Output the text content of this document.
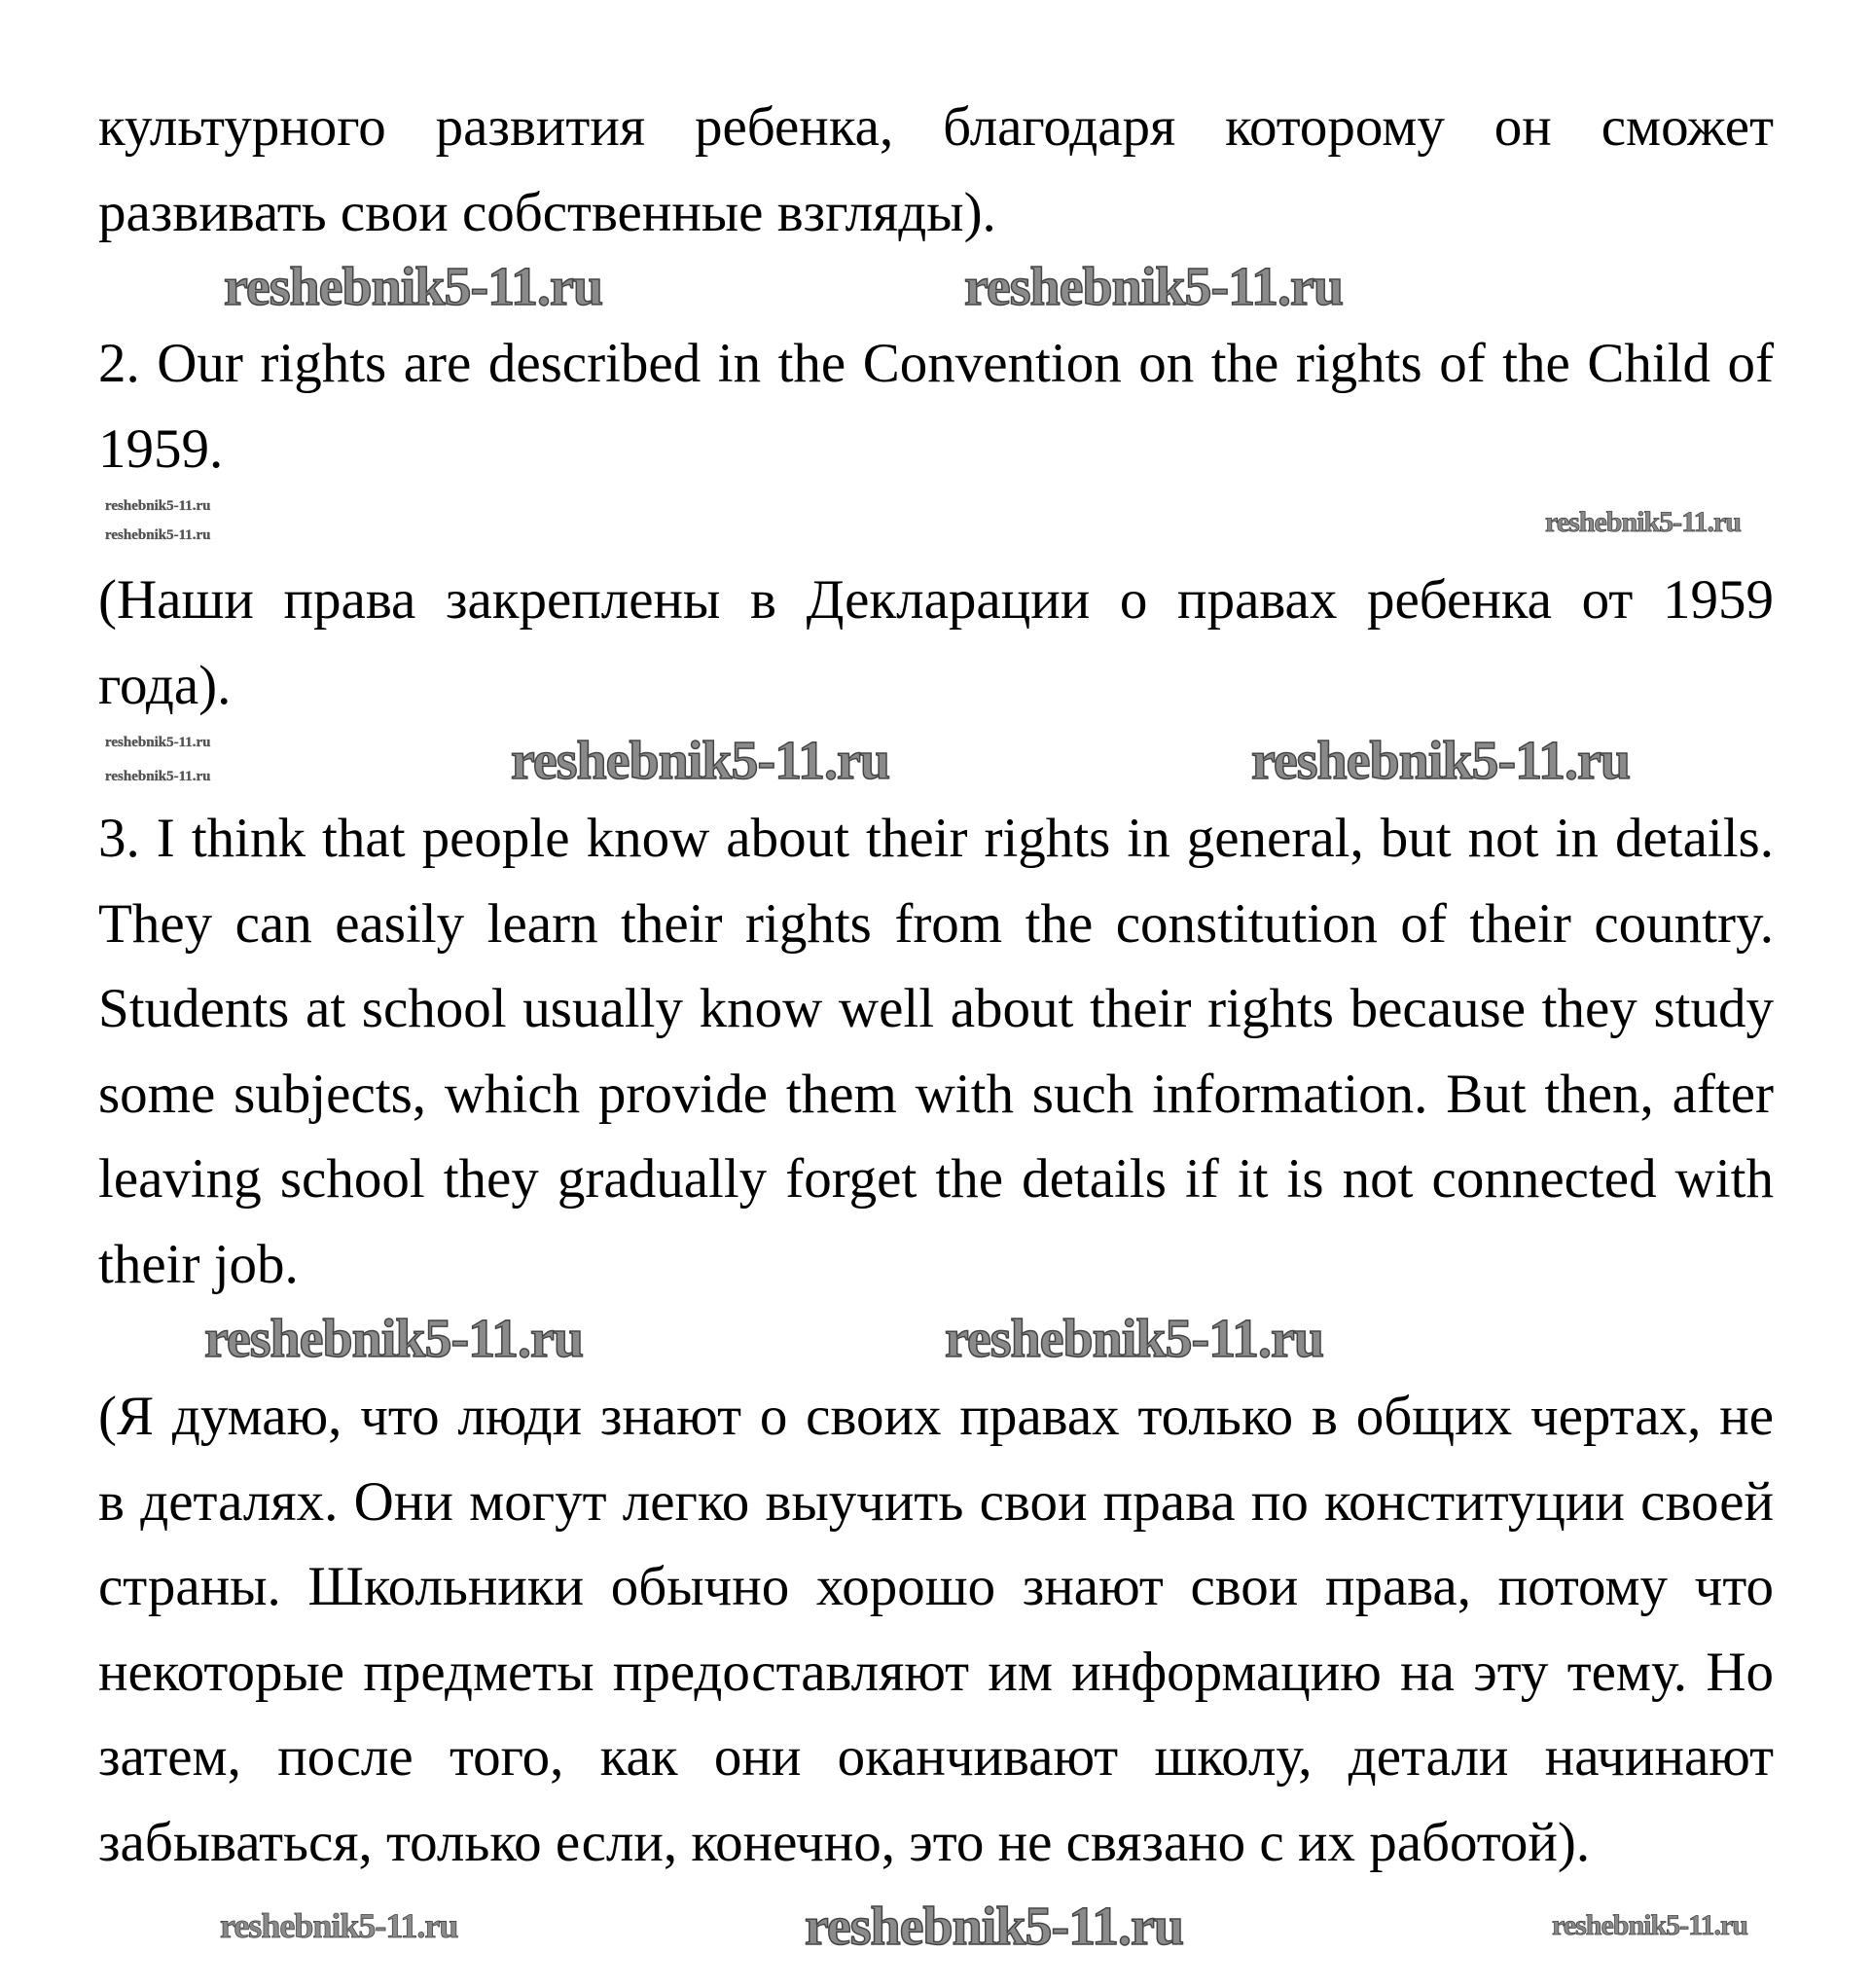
культурного развития ребенка, благодаря которому он сможет
развивать свои собственные взгляды).
2. Our rights are described in the Convention on the rights of the Child of
1959.
(Наши права закреплены в Декларации о правах ребенка от 1959
года).
3. I think that people know about their rights in general, but not in details.
They can easily learn their rights from the constitution of their country.
Students at school usually know well about their rights because they study
some subjects, which provide them with such information. But then, after
leaving school they gradually forget the details if it is not connected with
their job.
(Я думаю, что люди знают о своих правах только в общих чертах, не
в деталях. Они могут легко выучить свои права по конституции своей
страны. Школьники обычно хорошо знают свои права, потому что
некоторые предметы предоставляют им информацию на эту тему. Но
затем, после того, как они оканчивают школу, детали начинают
забываться, только если, конечно, это не связано с их работой).
reshebnik5-11.ru	reshebnik5-11.ru
reshebnik5-11.ru
reshebnik5-11.ru	reshebnik5-11.ru
reshebnik5-11.ru
reshebnik5-11.ru	reshebnik5-11.ru	reshebnik5-11.ru
reshebnik5-11.ru	reshebnik5-11.ru
reshebnik5-11.ru	reshebnik5-11.ru	reshebnik5-11.ru
